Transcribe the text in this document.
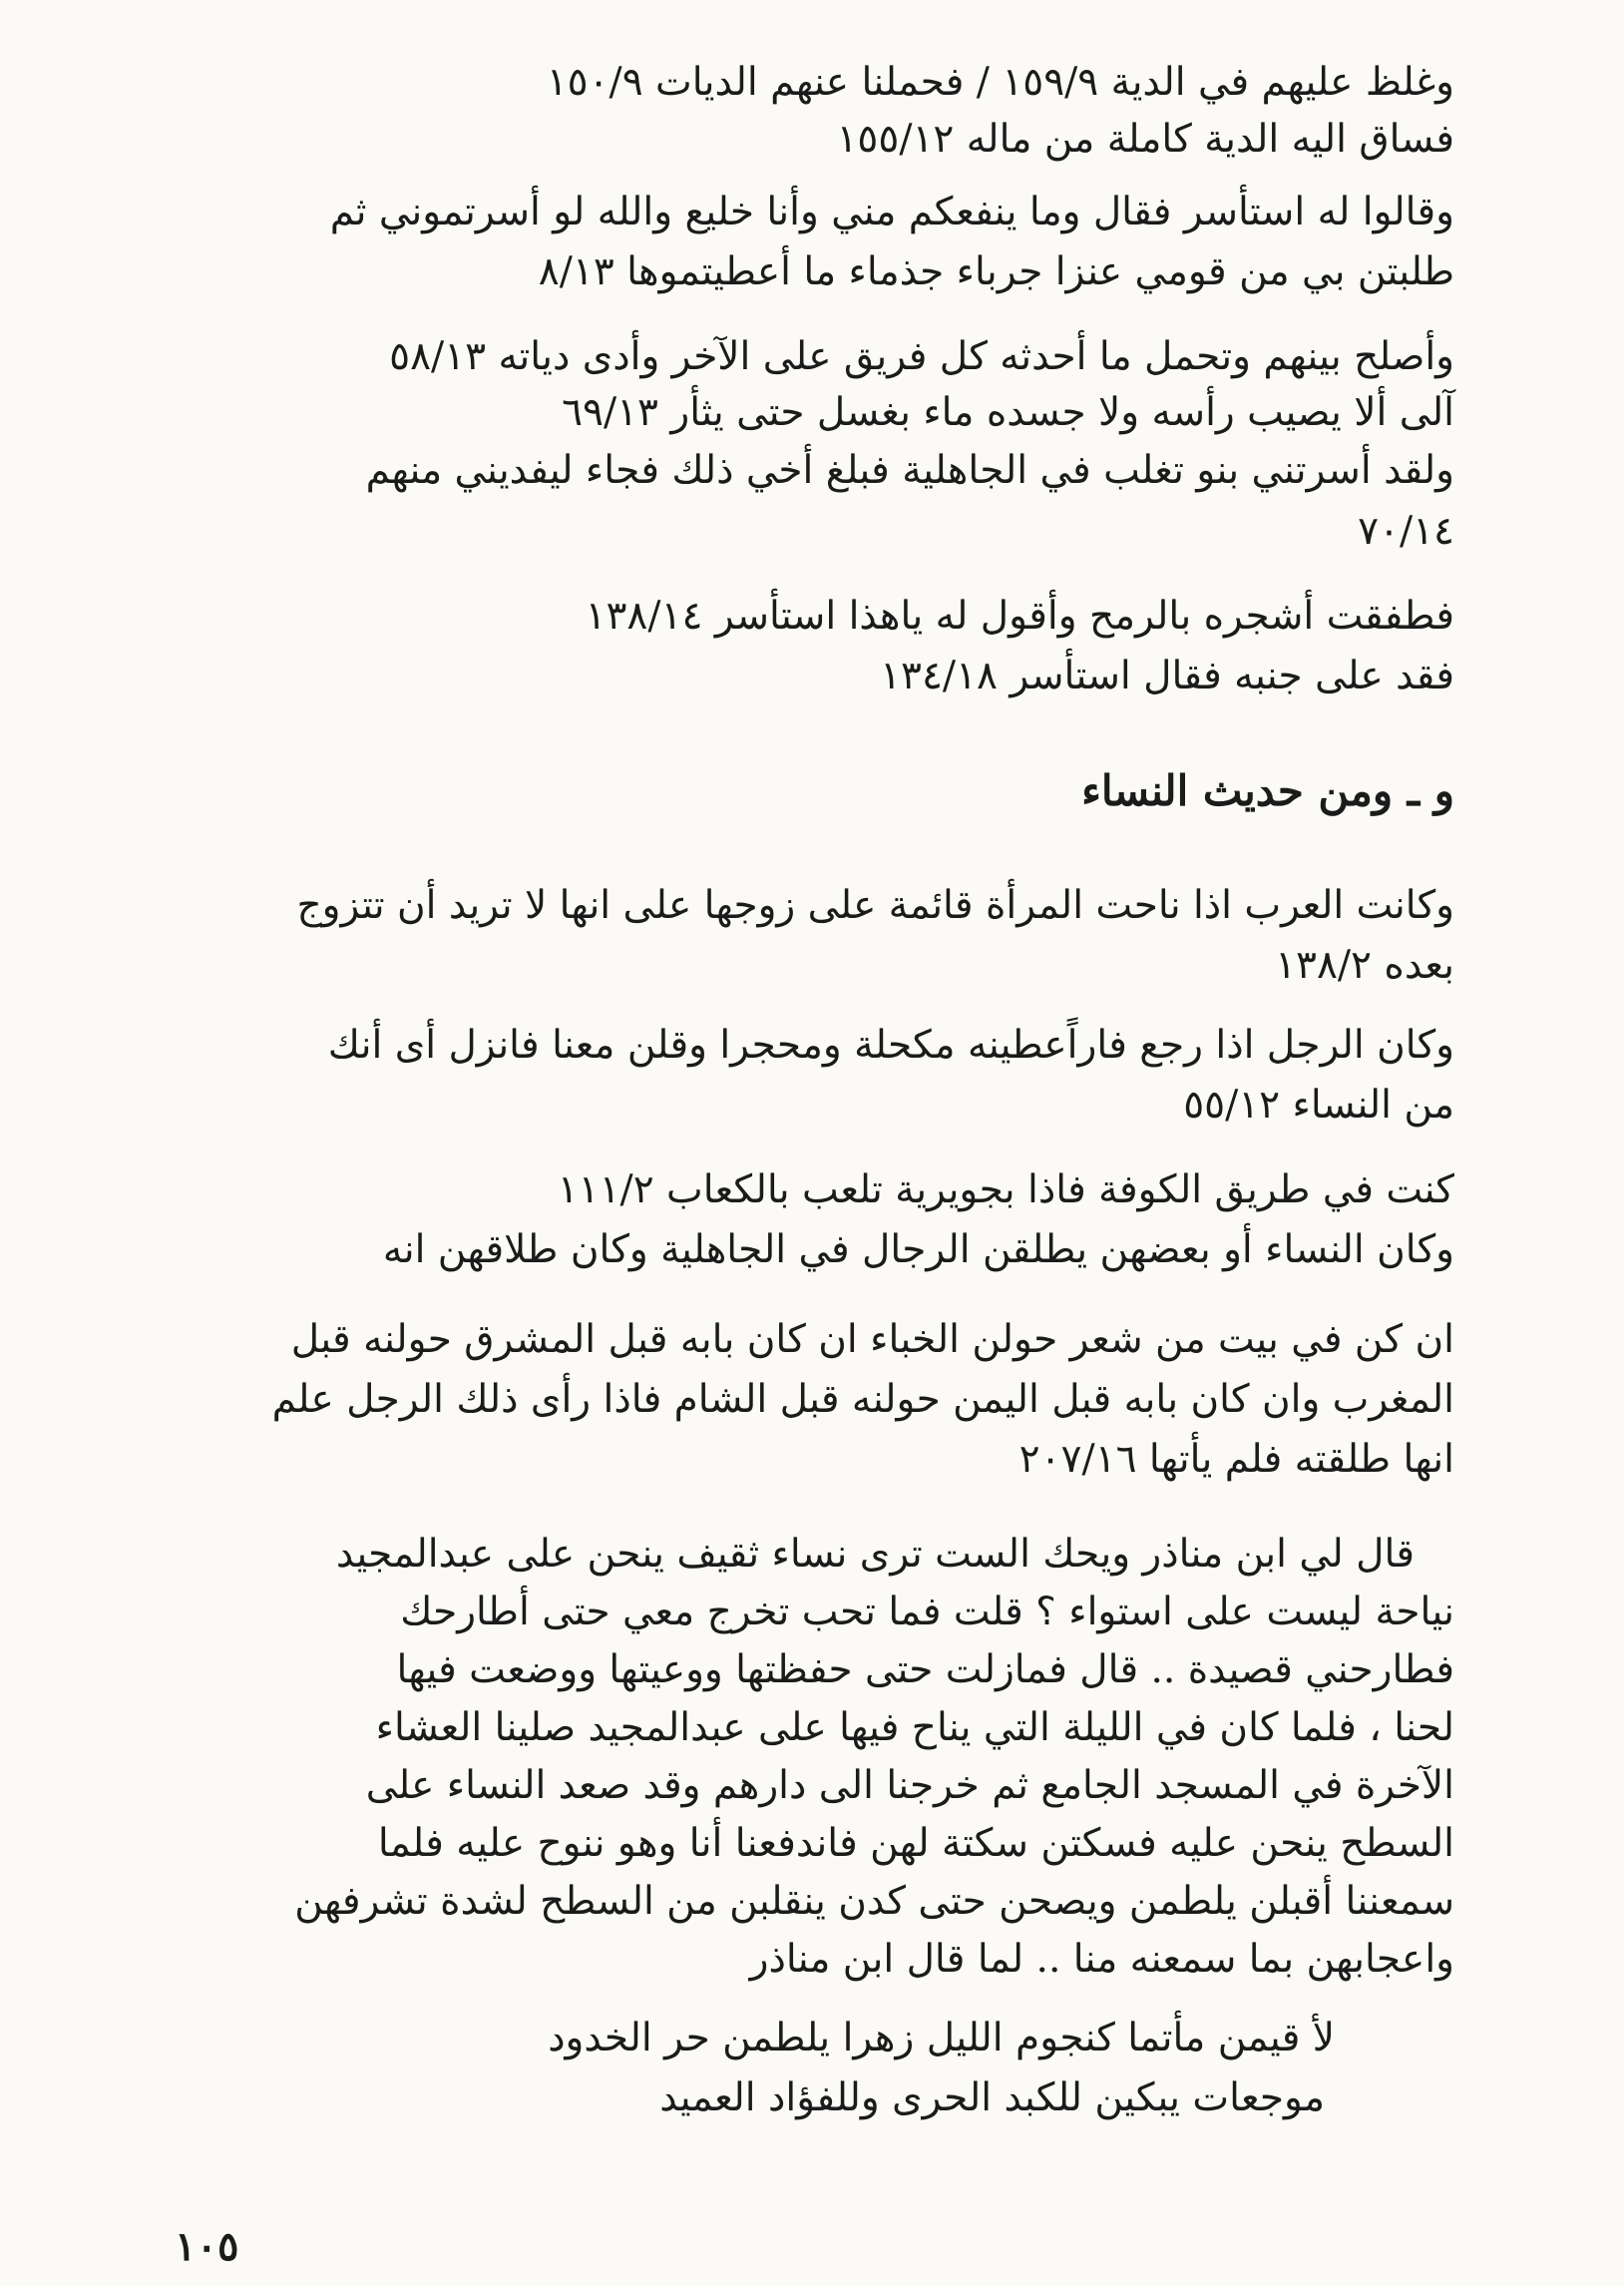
وغلظ عليهم في الدية ١٥٩/٩ / فحملنا عنهم الديات ١٥٠/٩
فساق اليه الدية كاملة من ماله ١٥٥/١٢
وقالوا له استأسر فقال وما ينفعكم مني وأنا خليع والله لو أسرتموني ثم
طلبتن بي من قومي عنزا جرباء جذماء ما أعطيتموها ٨/١٣
وأصلح بينهم وتحمل ما أحدثه كل فريق على الآخر وأدى دياته ٥٨/١٣
آلى ألا يصيب رأسه ولا جسده ماء بغسل حتى يثأر ٦٩/١٣
ولقد أسرتني بنو تغلب في الجاهلية فبلغ أخي ذلك فجاء ليفديني منهم
٧٠/١٤
فطفقت أشجره بالرمح وأقول له ياهذا استأسر ١٣٨/١٤
فقد على جنبه فقال استأسر ١٣٤/١٨
و ـ ومن حديث النساء
وكانت العرب اذا ناحت المرأة قائمة على زوجها على انها لا تريد أن تتزوج
بعده ١٣٨/٢
وكان الرجل اذا رجع فاراًعطينه مكحلة ومحجرا وقلن معنا فانزل أى أنك
من النساء ٥٥/١٢
كنت في طريق الكوفة فاذا بجويرية تلعب بالكعاب ١١١/٢
وكان النساء أو بعضهن يطلقن الرجال في الجاهلية وكان طلاقهن انه
ان كن في بيت من شعر حولن الخباء ان كان بابه قبل المشرق حولنه قبل
المغرب وان كان بابه قبل اليمن حولنه قبل الشام فاذا رأى ذلك الرجل علم
انها طلقته فلم يأتها ٢٠٧/١٦
قال لي ابن مناذر ويحك الست ترى نساء ثقيف ينحن على عبدالمجيد
نياحة ليست على استواء ؟ قلت فما تحب تخرج معي حتى أطارحك
فطارحني قصيدة .. قال فمازلت حتى حفظتها ووعيتها ووضعت فيها
لحنا ، فلما كان في الليلة التي يناح فيها على عبدالمجيد صلينا العشاء
الآخرة في المسجد الجامع ثم خرجنا الى دارهم وقد صعد النساء على
السطح ينحن عليه فسكتن سكتة لهن فاندفعنا أنا وهو ننوح عليه فلما
سمعننا أقبلن يلطمن ويصحن حتى كدن ينقلبن من السطح لشدة تشرفهن
واعجابهن بما سمعنه منا .. لما قال ابن مناذر
لأ قيمن مأتما كنجوم الليل زهرا يلطمن حر الخدود
موجعات يبكين للكبد الحرى وللفؤاد العميد
١٠٥
